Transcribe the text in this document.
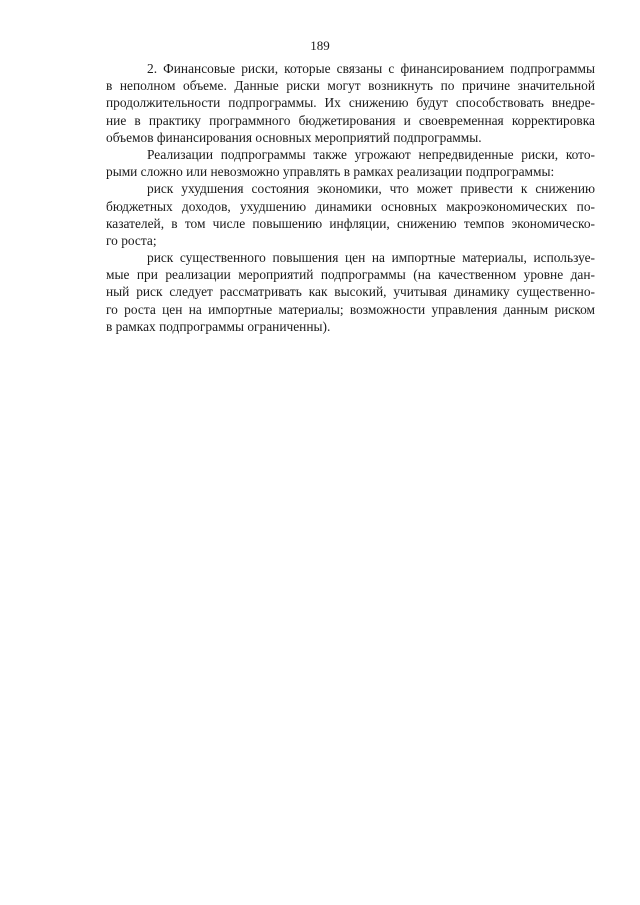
189
2. Финансовые риски, которые связаны с финансированием подпрограммы
в неполном объеме. Данные риски могут возникнуть по причине значительной
продолжительности подпрограммы. Их снижению будут способствовать внедре-
ние в практику программного бюджетирования и своевременная корректировка
объемов финансирования основных мероприятий подпрограммы.
Реализации подпрограммы также угрожают непредвиденные риски, кото-
рыми сложно или невозможно управлять в рамках реализации подпрограммы:
риск ухудшения состояния экономики, что может привести к снижению
бюджетных доходов, ухудшению динамики основных макроэкономических по-
казателей, в том числе повышению инфляции, снижению темпов экономическо-
го роста;
риск существенного повышения цен на импортные материалы, используе-
мые при реализации мероприятий подпрограммы (на качественном уровне дан-
ный риск следует рассматривать как высокий, учитывая динамику существенно-
го роста цен на импортные материалы; возможности управления данным риском
в рамках подпрограммы ограниченны).
